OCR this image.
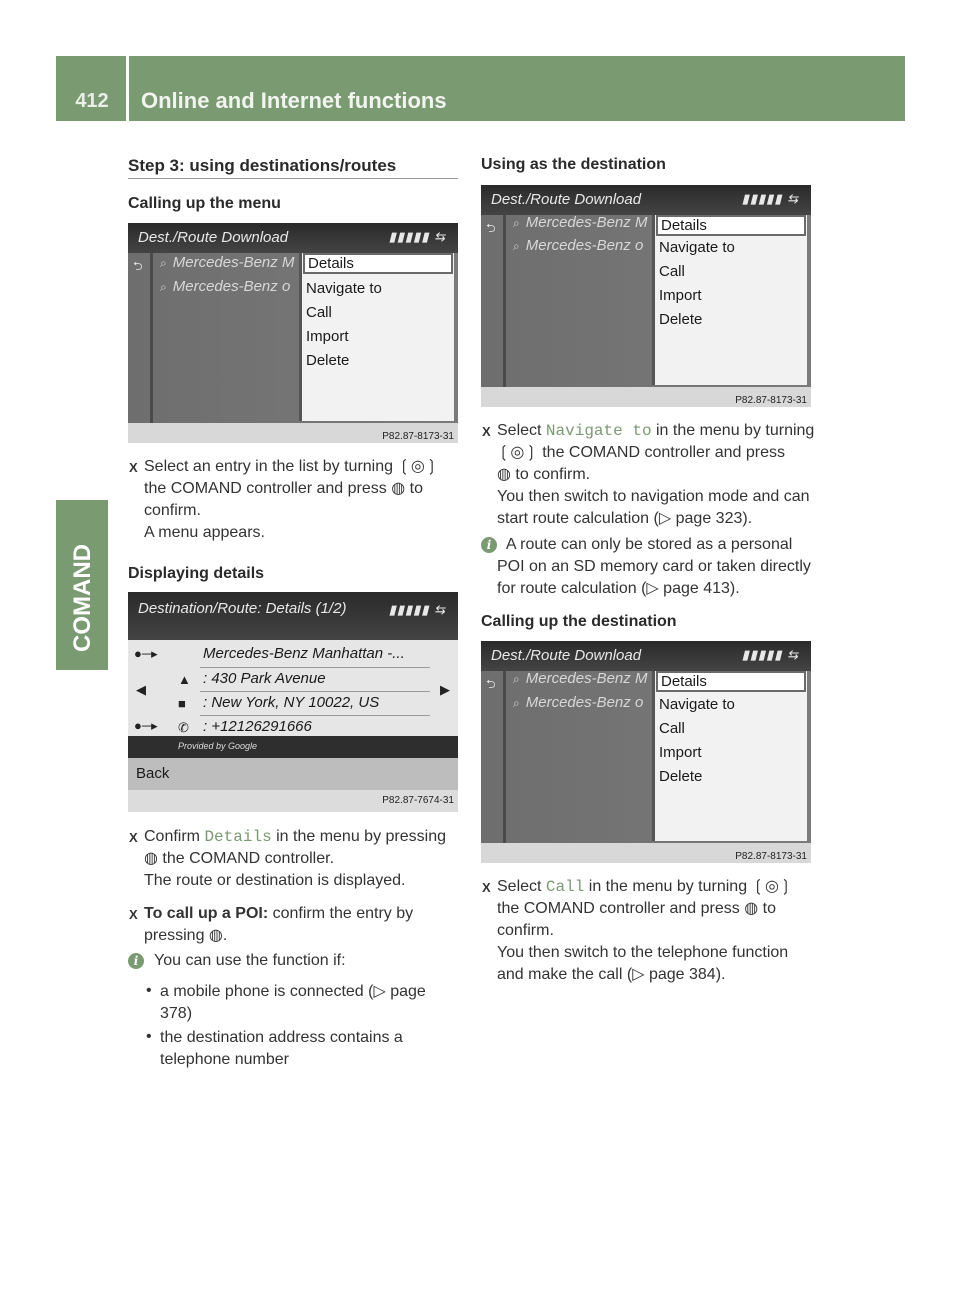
412	Online and Internet functions
COMAND
Step 3: using destinations/routes
Calling up the menu
Dest./Route Download	▮▮▮▮▮ ⇆
⮌ ⌕ Mercedes-Benz M
⌕ Mercedes-Benz o
Details
Navigate to
Call
Import
Delete
P82.87-8173-31
X Select an entry in the list by turning ❲◎❳
the COMAND controller and press ◍ to confirm.
A menu appears.
Displaying details
Destination/Route: Details (1/2)	▮▮▮▮▮ ⇆
●─▸
◀	▶
●─▸
Mercedes-Benz Manhattan -...
▲ : 430 Park Avenue
■ : New York, NY 10022, US
✆ : +12126291666
Provided by Google
Back
P82.87-7674-31
X Confirm Details in the menu by pressing
◍ the COMAND controller.
The route or destination is displayed.
X To call up a POI: confirm the entry by pressing ◍.
i You can use the function if:
• a mobile phone is connected (▷ page 378)
• the destination address contains a telephone number
Using as the destination
Dest./Route Download	▮▮▮▮▮ ⇆
⮌ ⌕ Mercedes-Benz M
⌕ Mercedes-Benz o
Details
Navigate to
Call
Import
Delete
P82.87-8173-31
X Select Navigate to in the menu by turning
❲◎❳ the COMAND controller and press
◍ to confirm.
You then switch to navigation mode and can start route calculation (▷ page 323).
i A route can only be stored as a personal POI on an SD memory card or taken directly for route calculation (▷ page 413).
Calling up the destination
Dest./Route Download	▮▮▮▮▮ ⇆
⮌ ⌕ Mercedes-Benz M
⌕ Mercedes-Benz o
Details
Navigate to
Call
Import
Delete
P82.87-8173-31
X Select Call in the menu by turning ❲◎❳
the COMAND controller and press ◍ to confirm.
You then switch to the telephone function and make the call (▷ page 384).
